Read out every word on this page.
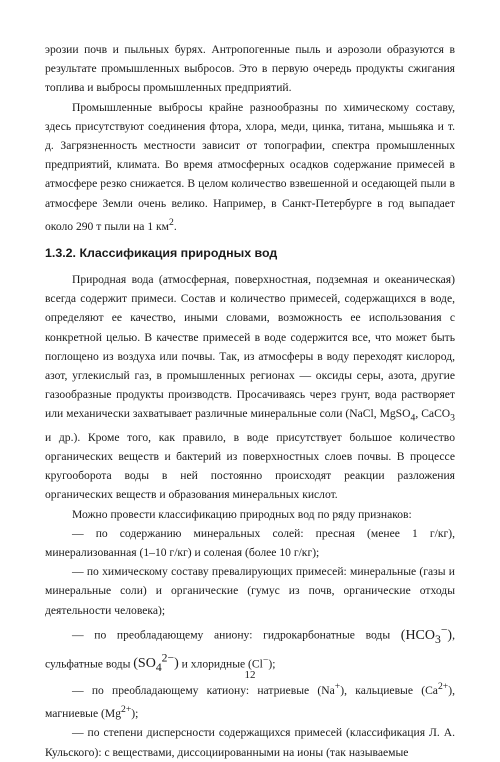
эрозии почв и пыльных бурях. Антропогенные пыль и аэрозоли образуются в результате промышленных выбросов. Это в первую очередь продукты сжигания топлива и выбросы промышленных предприятий.

Промышленные выбросы крайне разнообразны по химическому составу, здесь присутствуют соединения фтора, хлора, меди, цинка, титана, мышьяка и т. д. Загрязненность местности зависит от топографии, спектра промышленных предприятий, климата. Во время атмосферных осадков содержание примесей в атмосфере резко снижается. В целом количество взвешенной и оседающей пыли в атмосфере Земли очень велико. Например, в Санкт-Петербурге в год выпадает около 290 т пыли на 1 $км^2$.

1.3.2. Классификация природных вод

Природная вода (атмосферная, поверхностная, подземная и океаническая) всегда содержит примеси. Состав и количество примесей, содержащихся в воде, определяют ее качество, иными словами, возможность ее использования с конкретной целью. В качестве примесей в воде содержится все, что может быть поглощено из воздуха или почвы. Так, из атмосферы в воду переходят кислород, азот, углекислый газ, в промышленных регионах — оксиды серы, азота, другие газообразные продукты производств. Просачиваясь через грунт, вода растворяет или механически захватывает различные минеральные соли (NaCl, MgSO$_4$, CaCO$_3$ и др.). Кроме того, как правило, в воде присутствует большое количество органических веществ и бактерий из поверхностных слоев почвы. В процессе кругооборота воды в ней постоянно происходят реакции разложения органических веществ и образования минеральных кислот.

Можно провести классификацию природных вод по ряду признаков:

— по содержанию минеральных солей: пресная (менее 1 г/кг), минерализованная (1–10 г/кг) и соленая (более 10 г/кг);

— по химическому составу превалирующих примесей: минеральные (газы и минеральные соли) и органические (гумус из почв, органические отходы деятельности человека);

— по преобладающему аниону: гидрокарбонатные воды $(HCO_3^-)$, сульфатные воды $(SO_4^{2-})$ и хлоридные (Cl−);

— по преобладающему катиону: натриевые (Na+), кальциевые $(Ca^{2+})$, магниевые $(Mg^{2+})$;

— по степени дисперсности содержащихся примесей (классификация Л. А. Кульского): с веществами, диссоциированными на ионы (так называемые

12
